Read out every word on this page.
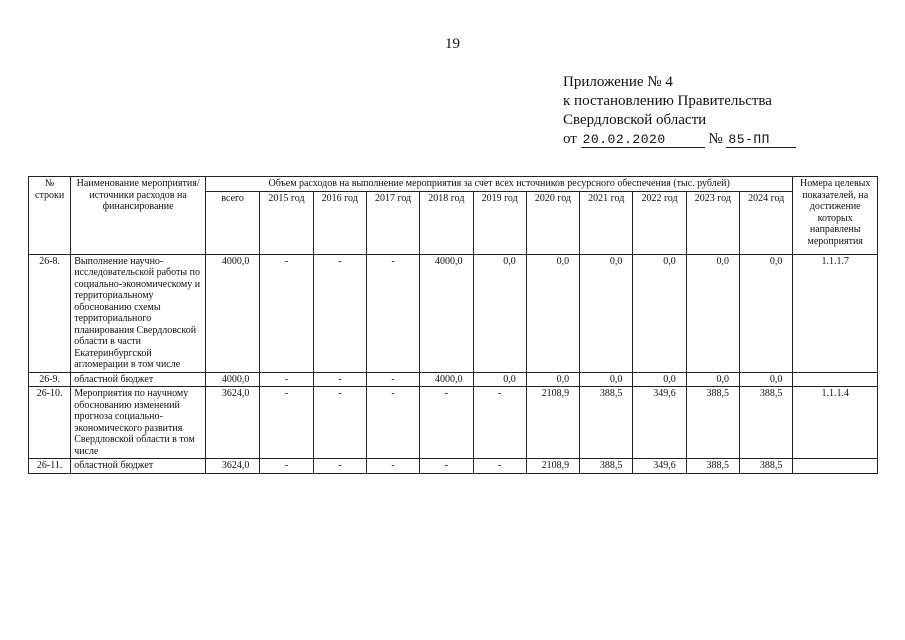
19
Приложение № 4
к постановлению Правительства
Свердловской области
от 20.02.2020	№ 85-ПП
№ строки	Наименование мероприятия/ источники расходов на финансирование	Объем расходов на выполнение мероприятия за счет всех источников ресурсного обеспечения (тыс. рублей)											Номера целевых показателей, на достижение которых направлены мероприятия
		всего	2015 год	2016 год	2017 год	2018 год	2019 год	2020 год	2021 год	2022 год	2023 год	2024 год	
26-8.	Выполнение научно-исследовательской работы по социально-экономическому и территориальному обоснованию схемы территориального планирования Свердловской области в части Екатеринбургской агломерации в том числе	4000,0	-	-	-	4000,0	0,0	0,0	0,0	0,0	0,0	0,0	1.1.1.7
26-9.	областной бюджет	4000,0	-	-	-	4000,0	0,0	0,0	0,0	0,0	0,0	0,0	
26-10.	Мероприятия по научному обоснованию изменений прогноза социально-экономического развития Свердловской области в том числе	3624,0	-	-	-	-	-	2108,9	388,5	349,6	388,5	388,5	1.1.1.4
26-11.	областной бюджет	3624,0	-	-	-	-	-	2108,9	388,5	349,6	388,5	388,5	
